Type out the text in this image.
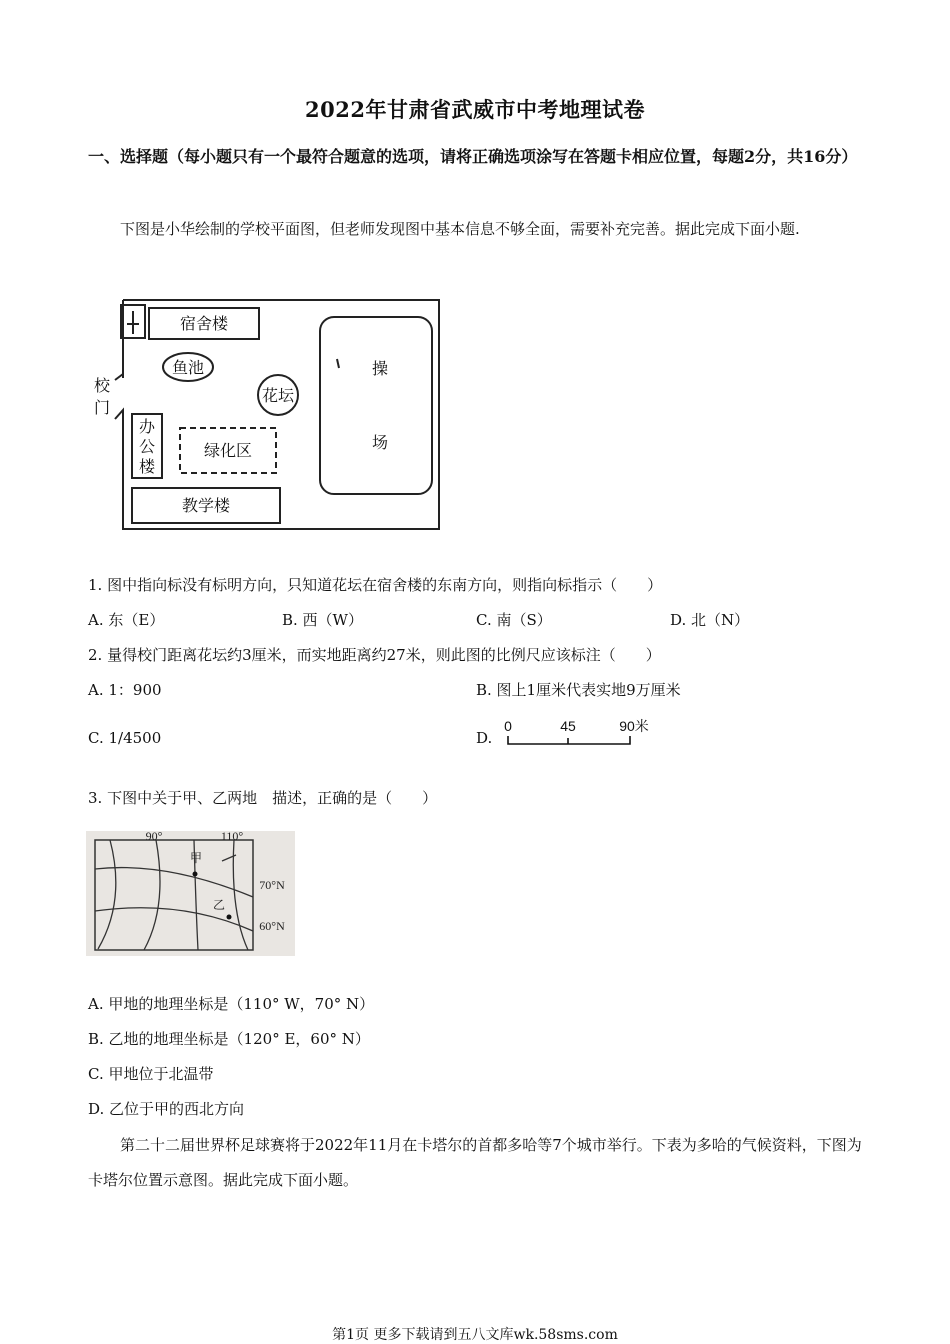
2022年甘肃省武威市中考地理试卷
一、选择题（每小题只有一个最符合题意的选项，请将正确选项涂写在答题卡相应位置，每题2分，共16分）
下图是小华绘制的学校平面图，但老师发现图中基本信息不够全面，需要补充完善。据此完成下面小题.
宿舍楼
鱼池
花坛
操
场
校
门
办
公
楼
绿化区
教学楼
1. 图中指向标没有标明方向，只知道花坛在宿舍楼的东南方向，则指向标指示（　　）
A. 东（E）	B. 西（W）	C. 南（S）	D. 北（N）
2. 量得校门距离花坛约3厘米，而实地距离约27米，则此图的比例尺应该标注（　　）
A. 1：900	B. 图上1厘米代表实地9万厘米
C. 1/4500	D.
0	45	90米
3. 下图中关于甲、乙两地　描述，正确的是（　　）
90°	110°
70°N
60°N
甲
乙
A. 甲地的地理坐标是（110° W，70° N）
B. 乙地的地理坐标是（120° E，60° N）
C. 甲地位于北温带
D. 乙位于甲的西北方向
第二十二届世界杯足球赛将于2022年11月在卡塔尔的首都多哈等7个城市举行。下表为多哈的气候资料，下图为卡塔尔位置示意图。据此完成下面小题。
第1页 更多下载请到五八文库wk.58sms.com
